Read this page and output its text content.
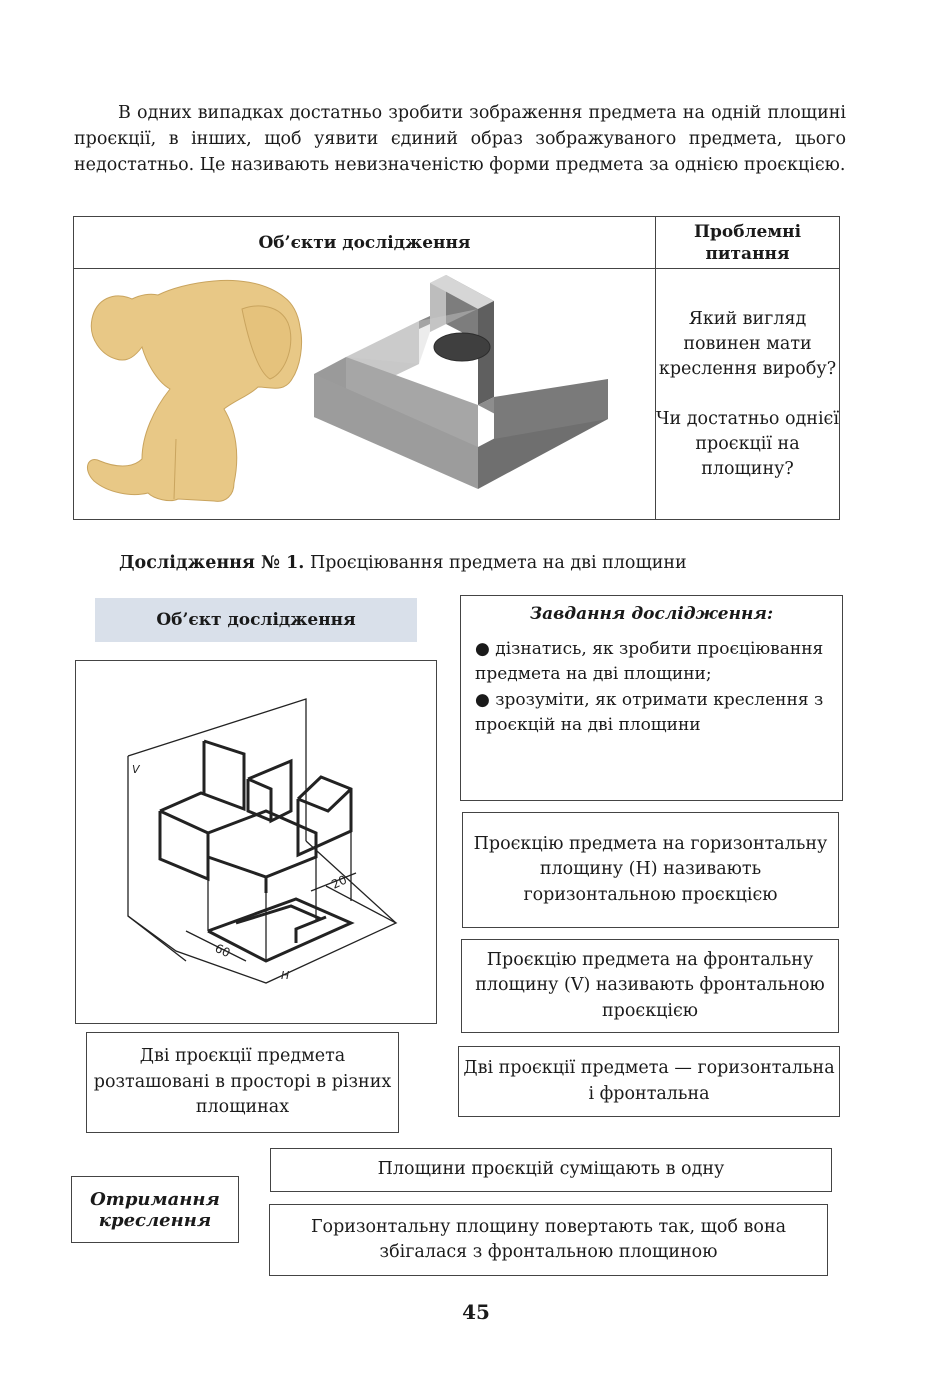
В одних випадках достатньо зробити зображення предмета на одній площині проєкції, в інших, щоб уявити єдиний образ зображуваного предмета, цього недостатньо. Це називають невизначеністю форми предмета за однією проєкцією.

Об’єкти дослідження	Проблемні питання

Який вигляд повинен мати креслення виробу?

Чи достатньо однієї проєкції на площину?

Дослідження № 1. Проєціювання предмета на дві площини
Об’єкт дослідження	Завдання дослідження:

● дізнатись, як зробити проєціювання предмета на дві площини;

● зрозуміти, як отримати креслення з проєкцій на дві площини

V
H
60
20
Проєкцію предмета на горизонтальну площину (H) називають горизонтальною проєкцією
Проєкцію предмета на фронтальну площину (V) називають фронтальною проєкцією
Дві проєкції предмета розташовані в просторі в різних площинах
Дві проєкції предмета — горизонтальна і фронтальна
Площини проєкцій суміщають в одну
Горизонтальну площину повертають так, щоб вона збігалася з фронтальною площиною
Отримання креслення
45
